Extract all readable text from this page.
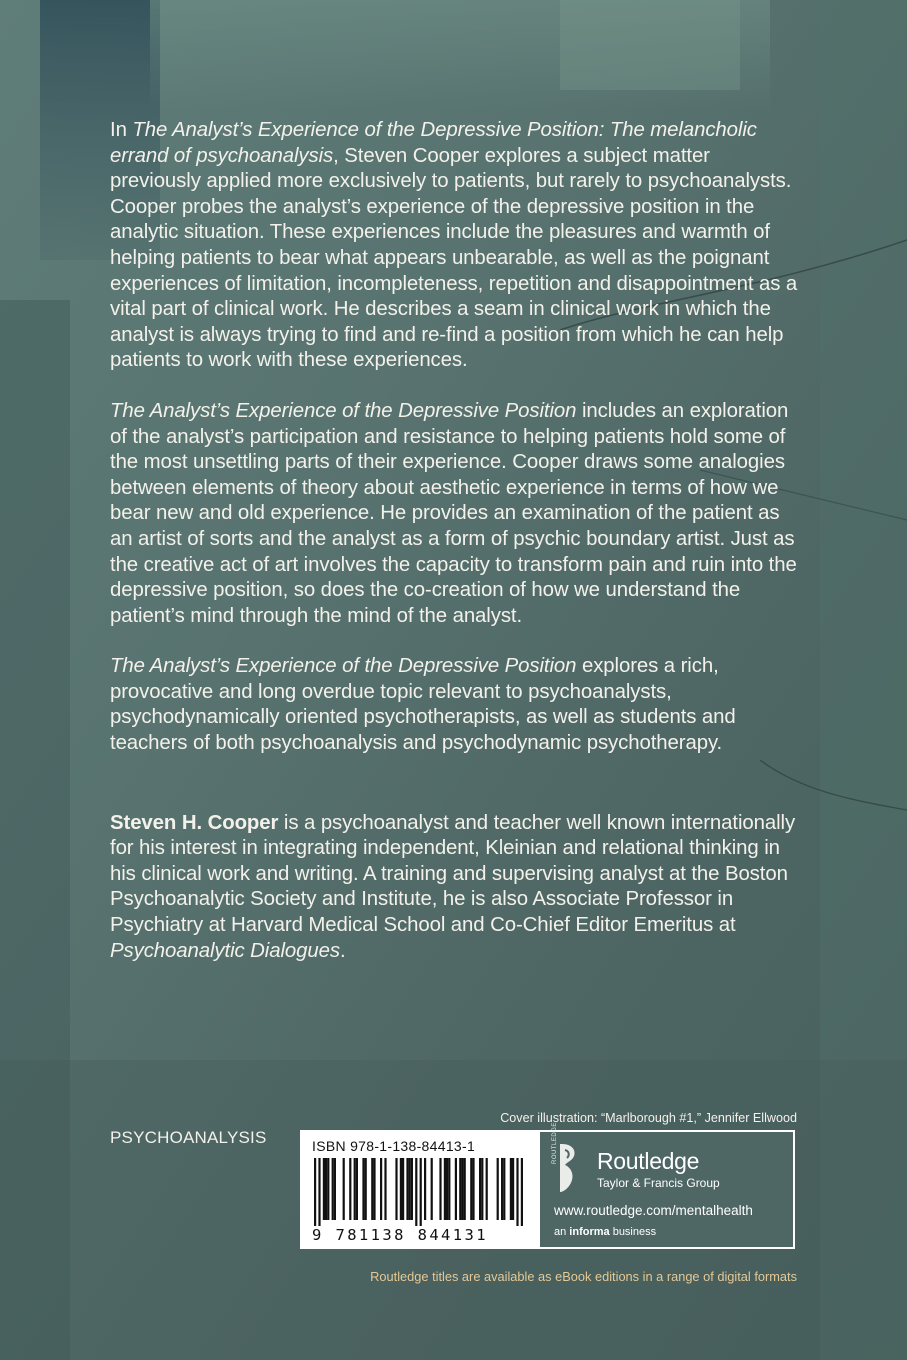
In The Analyst’s Experience of the Depressive Position: The melancholic errand of psychoanalysis, Steven Cooper explores a subject matter previously applied more exclusively to patients, but rarely to psychoanalysts. Cooper probes the analyst’s experience of the depressive position in the analytic situation. These experiences include the pleasures and warmth of helping patients to bear what appears unbearable, as well as the poignant experiences of limitation, incompleteness, repetition and disappointment as a vital part of clinical work. He describes a seam in clinical work in which the analyst is always trying to find and re-find a position from which he can help patients to work with these experiences.

The Analyst’s Experience of the Depressive Position includes an exploration of the analyst’s participation and resistance to helping patients hold some of the most unsettling parts of their experience. Cooper draws some analogies between elements of theory about aesthetic experience in terms of how we bear new and old experience. He provides an examination of the patient as an artist of sorts and the analyst as a form of psychic boundary artist. Just as the creative act of art involves the capacity to transform pain and ruin into the depressive position, so does the co-creation of how we understand the patient’s mind through the mind of the analyst.

The Analyst’s Experience of the Depressive Position explores a rich, provocative and long overdue topic relevant to psychoanalysts, psychodynamically oriented psychotherapists, as well as students and teachers of both psychoanalysis and psychodynamic psychotherapy.

Steven H. Cooper is a psychoanalyst and teacher well known internationally for his interest in integrating independent, Kleinian and relational thinking in his clinical work and writing. A training and supervising analyst at the Boston Psychoanalytic Society and Institute, he is also Associate Professor in Psychiatry at Harvard Medical School and Co-Chief Editor Emeritus at Psychoanalytic Dialogues.

PSYCHOANALYSIS
Cover illustration: “Marlborough #1,” Jennifer Ellwood
ISBN 978-1-138-84413-1
9 781138 844131
ROUTLEDGE Routledge
Taylor & Francis Group
www.routledge.com/mentalhealth
an informa business
Routledge titles are available as eBook editions in a range of digital formats
